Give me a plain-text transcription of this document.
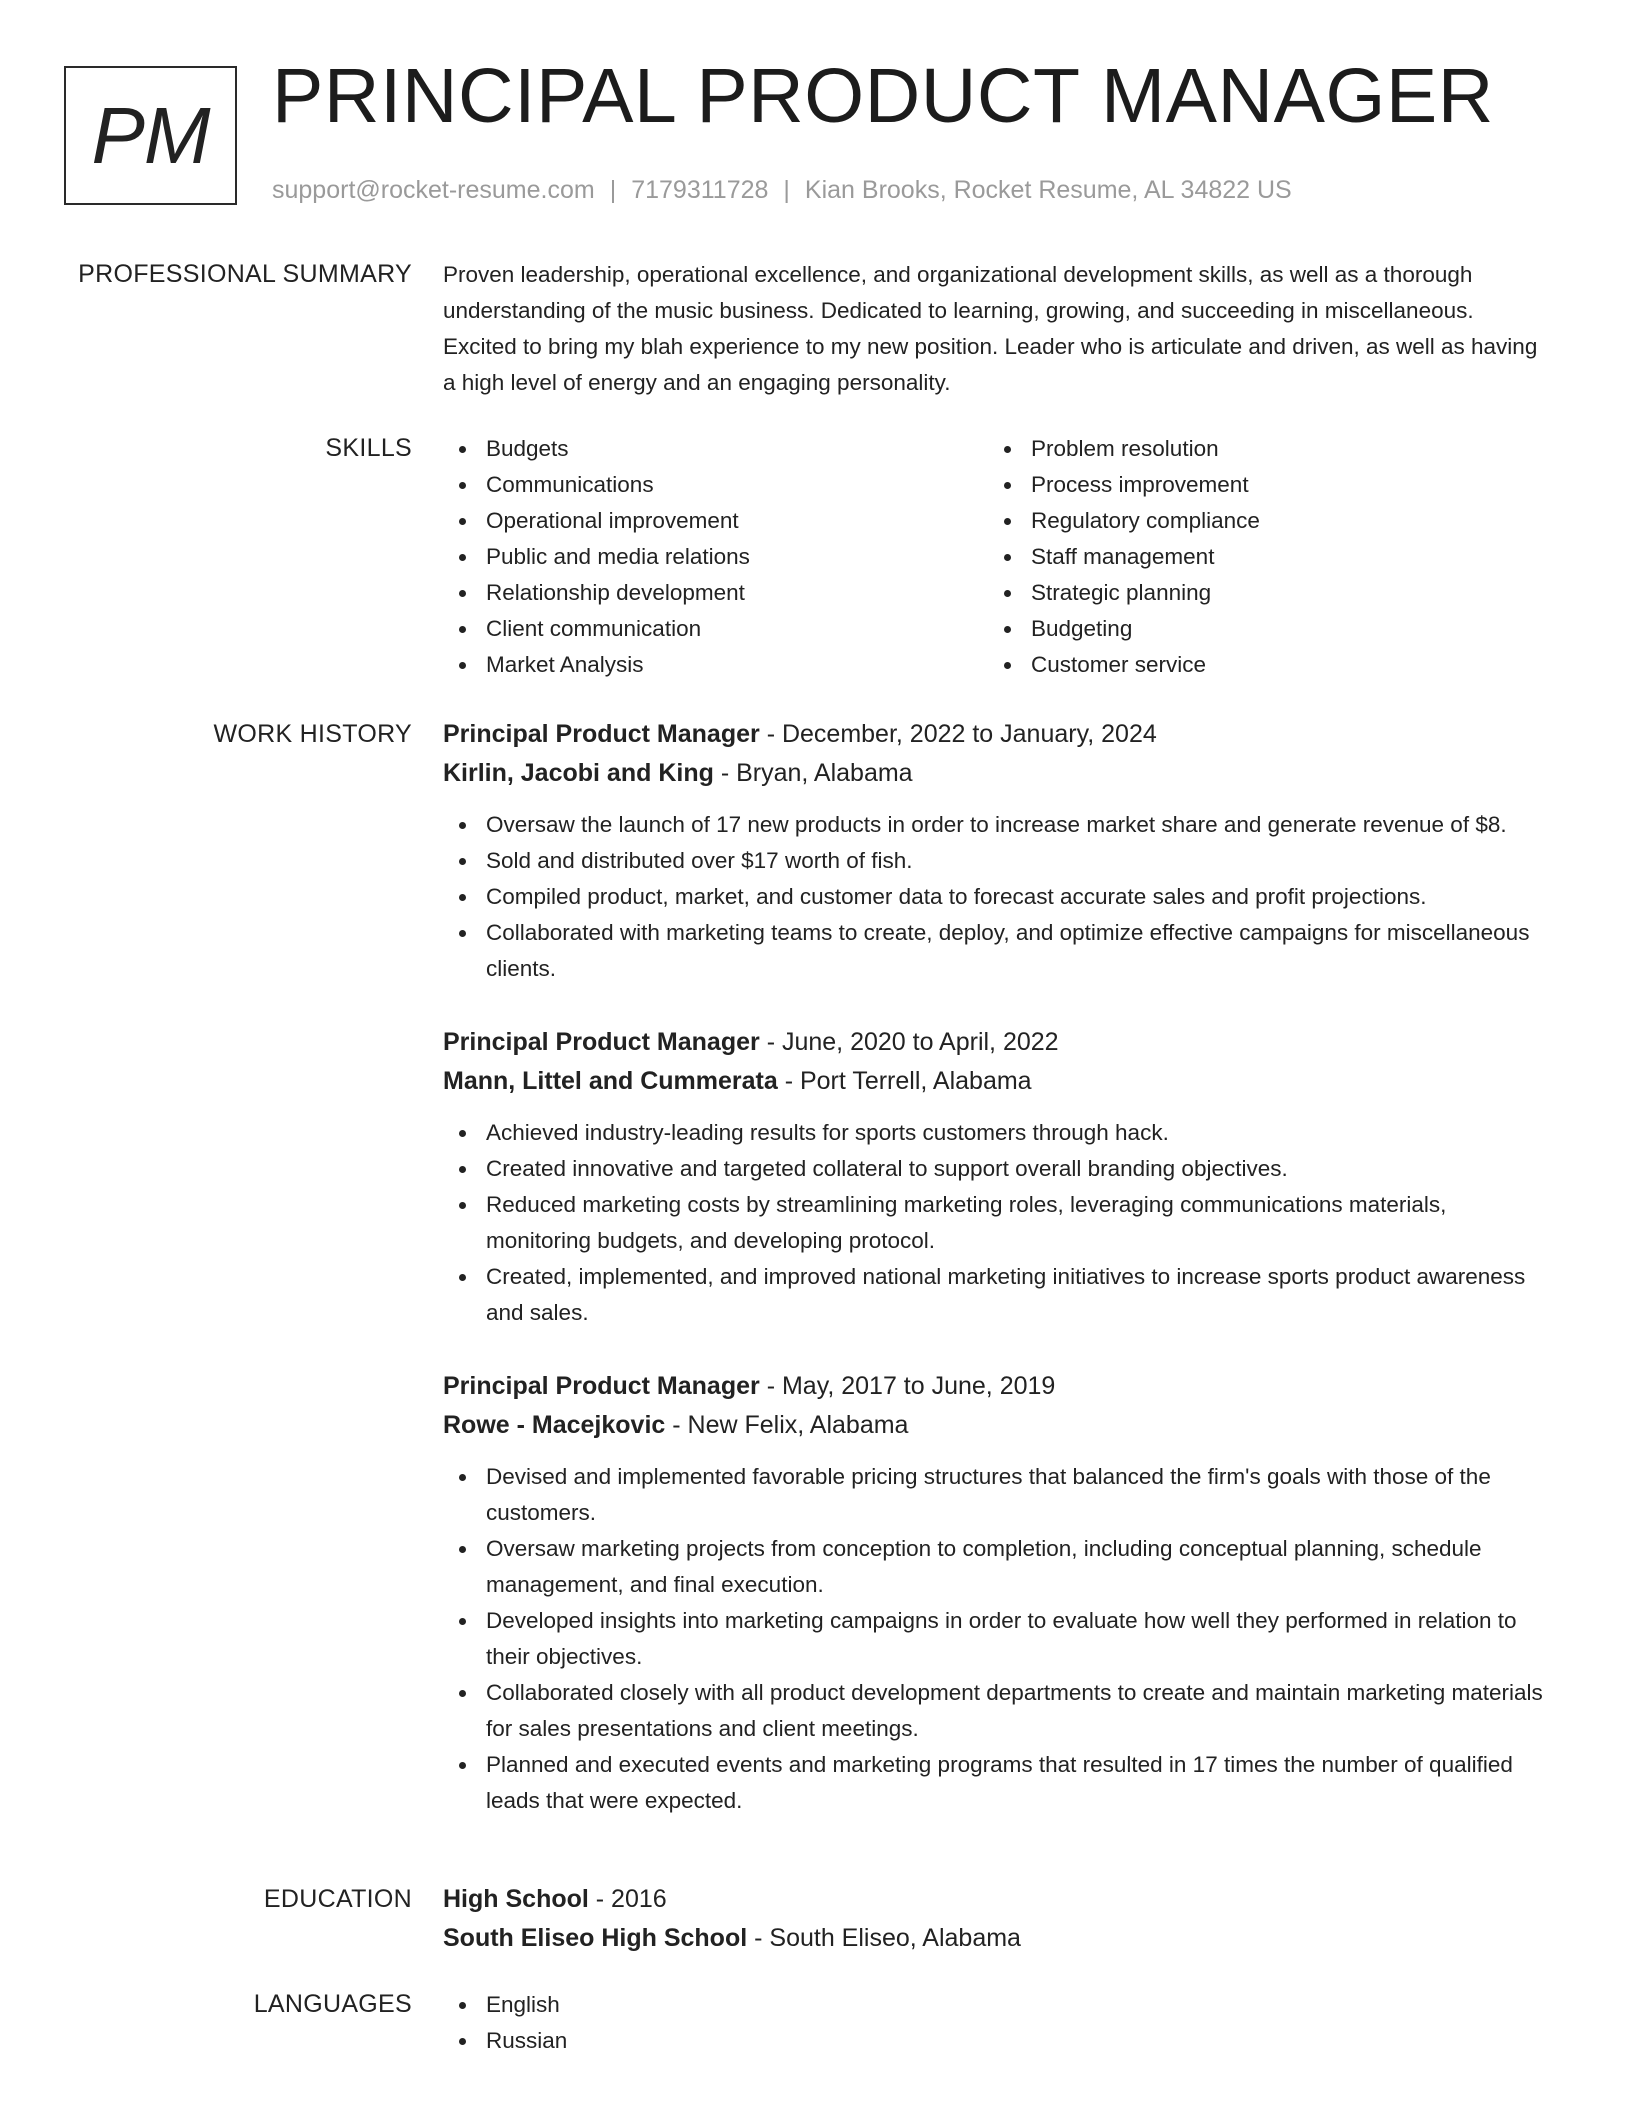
PM PRINCIPAL PRODUCT MANAGER
support@rocket-resume.com | 7179311728 | Kian Brooks, Rocket Resume, AL 34822 US
PROFESSIONAL SUMMARY Proven leadership, operational excellence, and organizational development skills, as well as a thorough understanding of the music business. Dedicated to learning, growing, and succeeding in miscellaneous. Excited to bring my blah experience to my new position. Leader who is articulate and driven, as well as having a high level of energy and an engaging personality.

SKILLS	Budgets
Communications
Operational improvement
Public and media relations
Relationship development
Client communication
Market Analysis
Problem resolution
Process improvement
Regulatory compliance
Staff management
Strategic planning
Budgeting
Customer service
WORK HISTORY Principal Product Manager - December, 2022 to January, 2024
Kirlin, Jacobi and King - Bryan, Alabama
Oversaw the launch of 17 new products in order to increase market share and generate revenue of $8.
Sold and distributed over $17 worth of fish.
Compiled product, market, and customer data to forecast accurate sales and profit projections.
Collaborated with marketing teams to create, deploy, and optimize effective campaigns for miscellaneous clients.
Principal Product Manager - June, 2020 to April, 2022
Mann, Littel and Cummerata - Port Terrell, Alabama
Achieved industry-leading results for sports customers through hack.
Created innovative and targeted collateral to support overall branding objectives.
Reduced marketing costs by streamlining marketing roles, leveraging communications materials, monitoring budgets, and developing protocol.
Created, implemented, and improved national marketing initiatives to increase sports product awareness and sales.
Principal Product Manager - May, 2017 to June, 2019
Rowe - Macejkovic - New Felix, Alabama
Devised and implemented favorable pricing structures that balanced the firm's goals with those of the customers.
Oversaw marketing projects from conception to completion, including conceptual planning, schedule management, and final execution.
Developed insights into marketing campaigns in order to evaluate how well they performed in relation to their objectives.
Collaborated closely with all product development departments to create and maintain marketing materials for sales presentations and client meetings.
Planned and executed events and marketing programs that resulted in 17 times the number of qualified leads that were expected.
EDUCATION High School - 2016
South Eliseo High School - South Eliseo, Alabama
LANGUAGES	English
Russian
